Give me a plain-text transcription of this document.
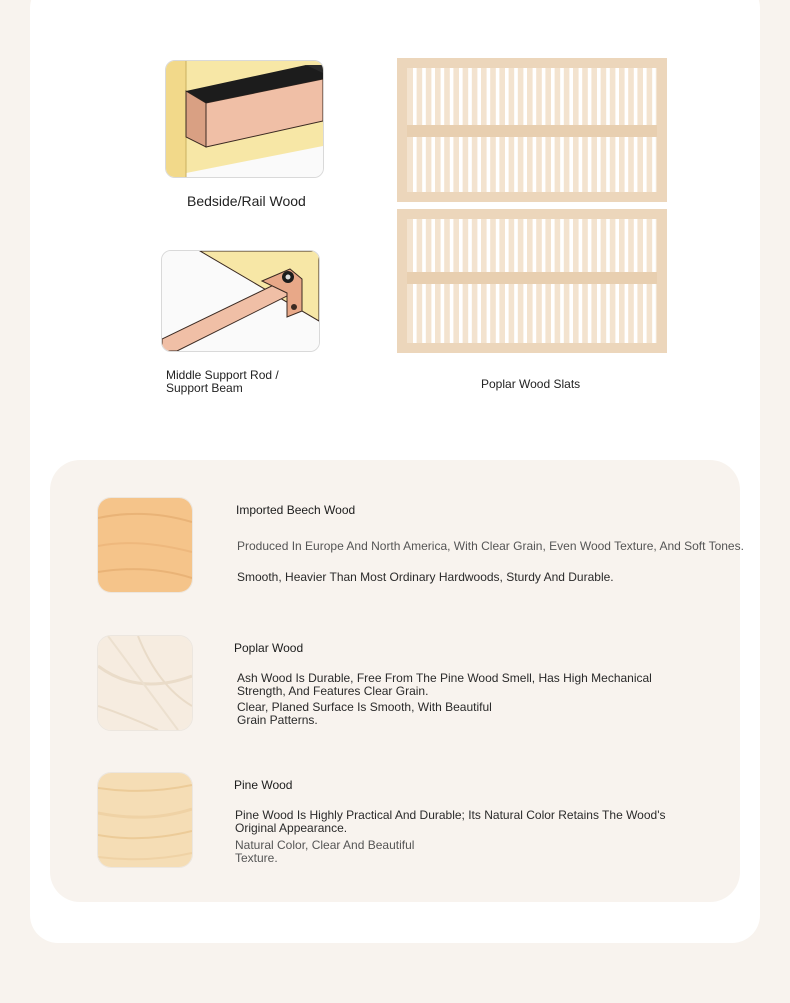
Bedside/Rail Wood
Middle Support Rod /
Support Beam	Poplar Wood Slats
Imported Beech Wood
Produced In Europe And North America, With Clear Grain, Even Wood Texture, And Soft Tones.
Smooth, Heavier Than Most Ordinary Hardwoods, Sturdy And Durable.
Poplar Wood
Ash Wood Is Durable, Free From The Pine Wood Smell, Has High Mechanical
Strength, And Features Clear Grain.
Clear, Planed Surface Is Smooth, With Beautiful
Grain Patterns.
Pine Wood
Pine Wood Is Highly Practical And Durable; Its Natural Color Retains The Wood's
Original Appearance.
Natural Color, Clear And Beautiful
Texture.
